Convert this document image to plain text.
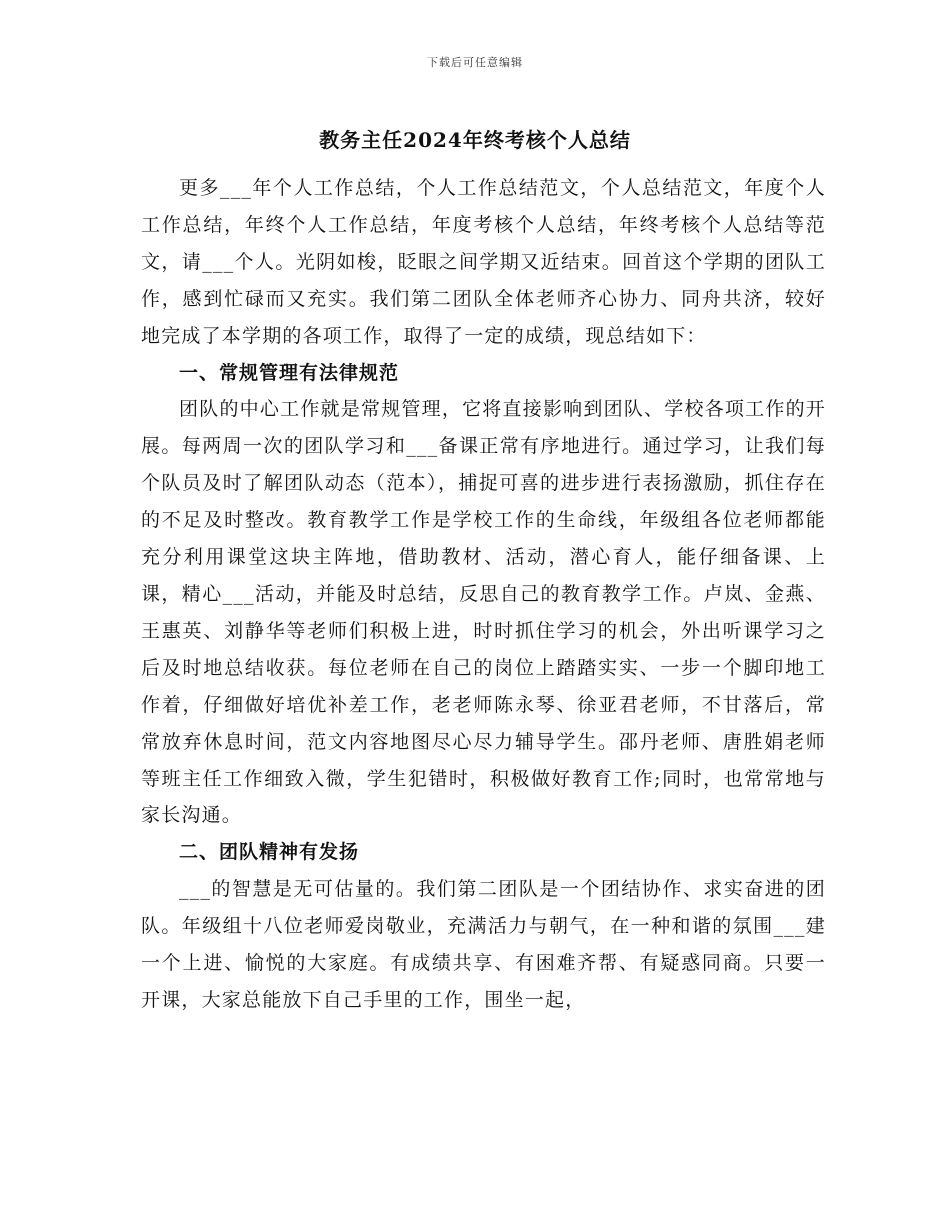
下载后可任意编辑
教务主任2024年终考核个人总结

更多___年个人工作总结，个人工作总结范文，个人总结范文，年度个人工作总结，年终个人工作总结，年度考核个人总结，年终考核个人总结等范文，请___个人。光阴如梭，眨眼之间学期又近结束。回首这个学期的团队工作，感到忙碌而又充实。我们第二团队全体老师齐心协力、同舟共济，较好地完成了本学期的各项工作，取得了一定的成绩，现总结如下：

一、常规管理有法律规范

团队的中心工作就是常规管理，它将直接影响到团队、学校各项工作的开展。每两周一次的团队学习和___备课正常有序地进行。通过学习，让我们每个队员及时了解团队动态（范本），捕捉可喜的进步进行表扬激励，抓住存在的不足及时整改。教育教学工作是学校工作的生命线，年级组各位老师都能充分利用课堂这块主阵地，借助教材、活动，潜心育人，能仔细备课、上课，精心___活动，并能及时总结，反思自己的教育教学工作。卢岚、金燕、王惠英、刘静华等老师们积极上进，时时抓住学习的机会，外出听课学习之后及时地总结收获。每位老师在自己的岗位上踏踏实实、一步一个脚印地工作着，仔细做好培优补差工作，老老师陈永琴、徐亚君老师，不甘落后，常常放弃休息时间，范文内容地图尽心尽力辅导学生。邵丹老师、唐胜娟老师等班主任工作细致入微，学生犯错时，积极做好教育工作;同时，也常常地与家长沟通。

二、团队精神有发扬

___的智慧是无可估量的。我们第二团队是一个团结协作、求实奋进的团队。年级组十八位老师爱岗敬业，充满活力与朝气，在一种和谐的氛围___建一个上进、愉悦的大家庭。有成绩共享、有困难齐帮、有疑惑同商。只要一开课，大家总能放下自己手里的工作，围坐一起，
